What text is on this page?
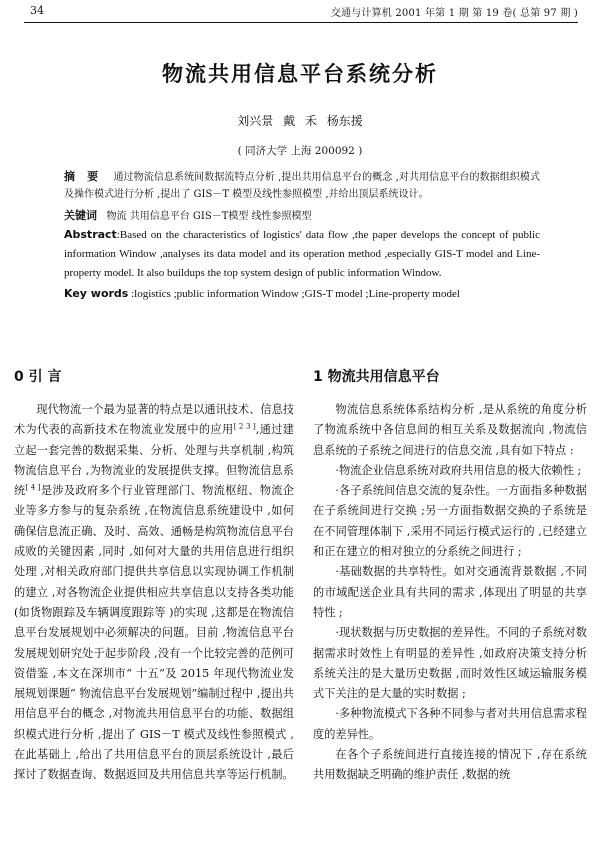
34	交通与计算机 2001 年第 1 期 第 19 卷( 总第 97 期 )
物流共用信息平台系统分析
刘兴景 戴 禾 杨东援
( 同济大学 上海 200092 )

摘要 通过物流信息系统间数据流特点分析 ,提出共用信息平台的概念 ,对共用信息平台的数据组织模式及操作模式进行分析 ,提出了 GIS－T 模型及线性参照模型 ,并给出顶层系统设计。

关键词 物流 共用信息平台 GIS－T模型 线性参照模型

Abstract:Based on the characteristics of logistics' data flow ,the paper develops the concept of public information Window ,analyses its data model and its operation method ,especially GIS-T model and Line-property model. It also buildups the top system design of public information Window.

Key words :logistics ;public information Window ;GIS-T model ;Line-property model

0 引 言

现代物流一个最为显著的特点是以通讯技术、信息技术为代表的高新技术在物流业发展中的应用[ 2 3 ],通过建立起一套完善的数据采集、分析、处理与共享机制 ,构筑物流信息平台 ,为物流业的发展提供支撑。但物流信息系统[ 4 ]是涉及政府多个行业管理部门、物流枢纽、物流企业等多方参与的复杂系统 ,在物流信息系统建设中 ,如何确保信息流正确、及时、高效、通畅是构筑物流信息平台成败的关键因素 ,同时 ,如何对大量的共用信息进行组织处理 ,对相关政府部门提供共享信息以实现协调工作机制的建立 ,对各物流企业提供相应共享信息以支持各类功能 (如货物跟踪及车辆调度跟踪等 )的实现 ,这都是在物流信息平台发展规划中必须解决的问题。目前 ,物流信息平台发展规划研究处于起步阶段 ,没有一个比较完善的范例可资借鉴 ,本文在深圳市“ 十五”及 2015 年现代物流业发展规划课题“ 物流信息平台发展规划”编制过程中 ,提出共用信息平台的概念 ,对物流共用信息平台的功能、数据组织模式进行分析 ,提出了 GIS－T 模式及线性参照模式 ,在此基础上 ,给出了共用信息平台的顶层系统设计 ,最后探讨了数据查询、数据返回及共用信息共享等运行机制。

1 物流共用信息平台

物流信息系统体系结构分析 ,是从系统的角度分析了物流系统中各信息间的相互关系及数据流向 ,物流信息系统的子系统之间进行的信息交流 ,具有如下特点 :

·物流企业信息系统对政府共用信息的极大依赖性 ;

·各子系统间信息交流的复杂性。一方面指多种数据在子系统间进行交换 ;另一方面指数据交换的子系统是在不同管理体制下 ,采用不同运行模式运行的 ,已经建立和正在建立的相对独立的分系统之间进行 ;

·基础数据的共享特性。如对交通流背景数据 ,不同的市域配送企业具有共同的需求 ,体现出了明显的共享特性 ;

·现状数据与历史数据的差异性。不同的子系统对数据需求时效性上有明显的差异性 ,如政府决策支持分析系统关注的是大量历史数据 ,而时效性区域运输服务模式下关注的是大量的实时数据 ;

·多种物流模式下各种不同参与者对共用信息需求程度的差异性。

在各个子系统间进行直接连接的情况下 ,存在系统共用数据缺乏明确的维护责任 ,数据的统
